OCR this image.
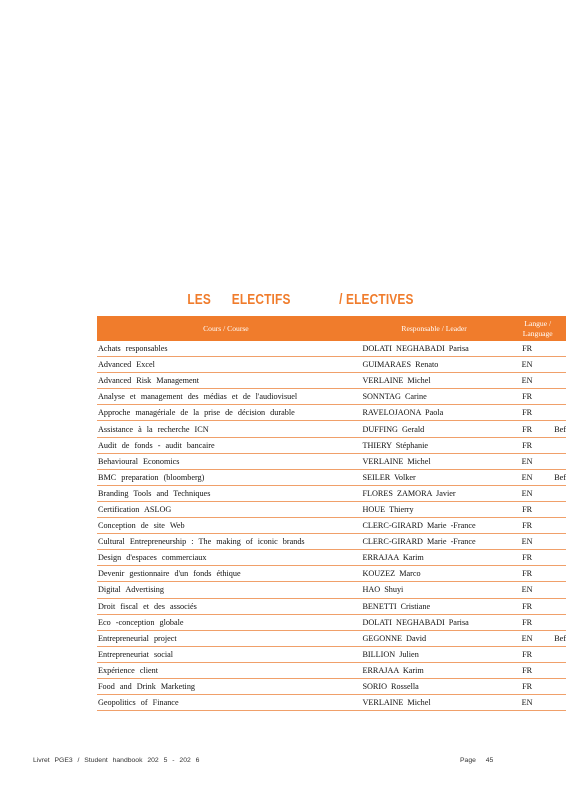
LES ELECTIFS	/ ELECTIVES
Cours / Course	Responsable / Leader
Langue /
Language
Achats responsables	DOLATI NEGHABADI Parisa	FR
Advanced Excel	GUIMARAES Renato	EN
Advanced Risk Management	VERLAINE Michel	EN
Analyse et management des médias et de l'audiovisuel	SONNTAG Carine	FR
Approche managériale de la prise de décision durable	RAVELOJAONA Paola	FR
Assistance à la recherche ICN	DUFFING Gerald	FR	Bef
Audit de fonds - audit bancaire	THIERY Stéphanie	FR
Behavioural Economics	VERLAINE Michel	EN
BMC preparation (bloomberg)	SEILER Volker	EN	Bef
Branding Tools and Techniques	FLORES ZAMORA Javier	EN
Certification ASLOG	HOUE Thierry	FR
Conception de site Web	CLERC-GIRARD Marie -France	FR
Cultural Entrepreneurship : The making of iconic brands	CLERC-GIRARD Marie -France	EN
Design d'espaces commerciaux	ERRAJAA Karim	FR
Devenir gestionnaire d'un fonds éthique	KOUZEZ Marco	FR
Digital Advertising	HAO Shuyi	EN
Droit fiscal et des associés	BENETTI Cristiane	FR
Eco -conception globale	DOLATI NEGHABADI Parisa	FR
Entrepreneurial project	GEGONNE David	EN	Bef
Entrepreneuriat social	BILLION Julien	FR
Expérience client	ERRAJAA Karim	FR
Food and Drink Marketing	SORIO Rossella	FR
Geopolitics of Finance	VERLAINE Michel	EN
Livret PGE3 / Student handbook 202 5 - 202 6	Page 45
